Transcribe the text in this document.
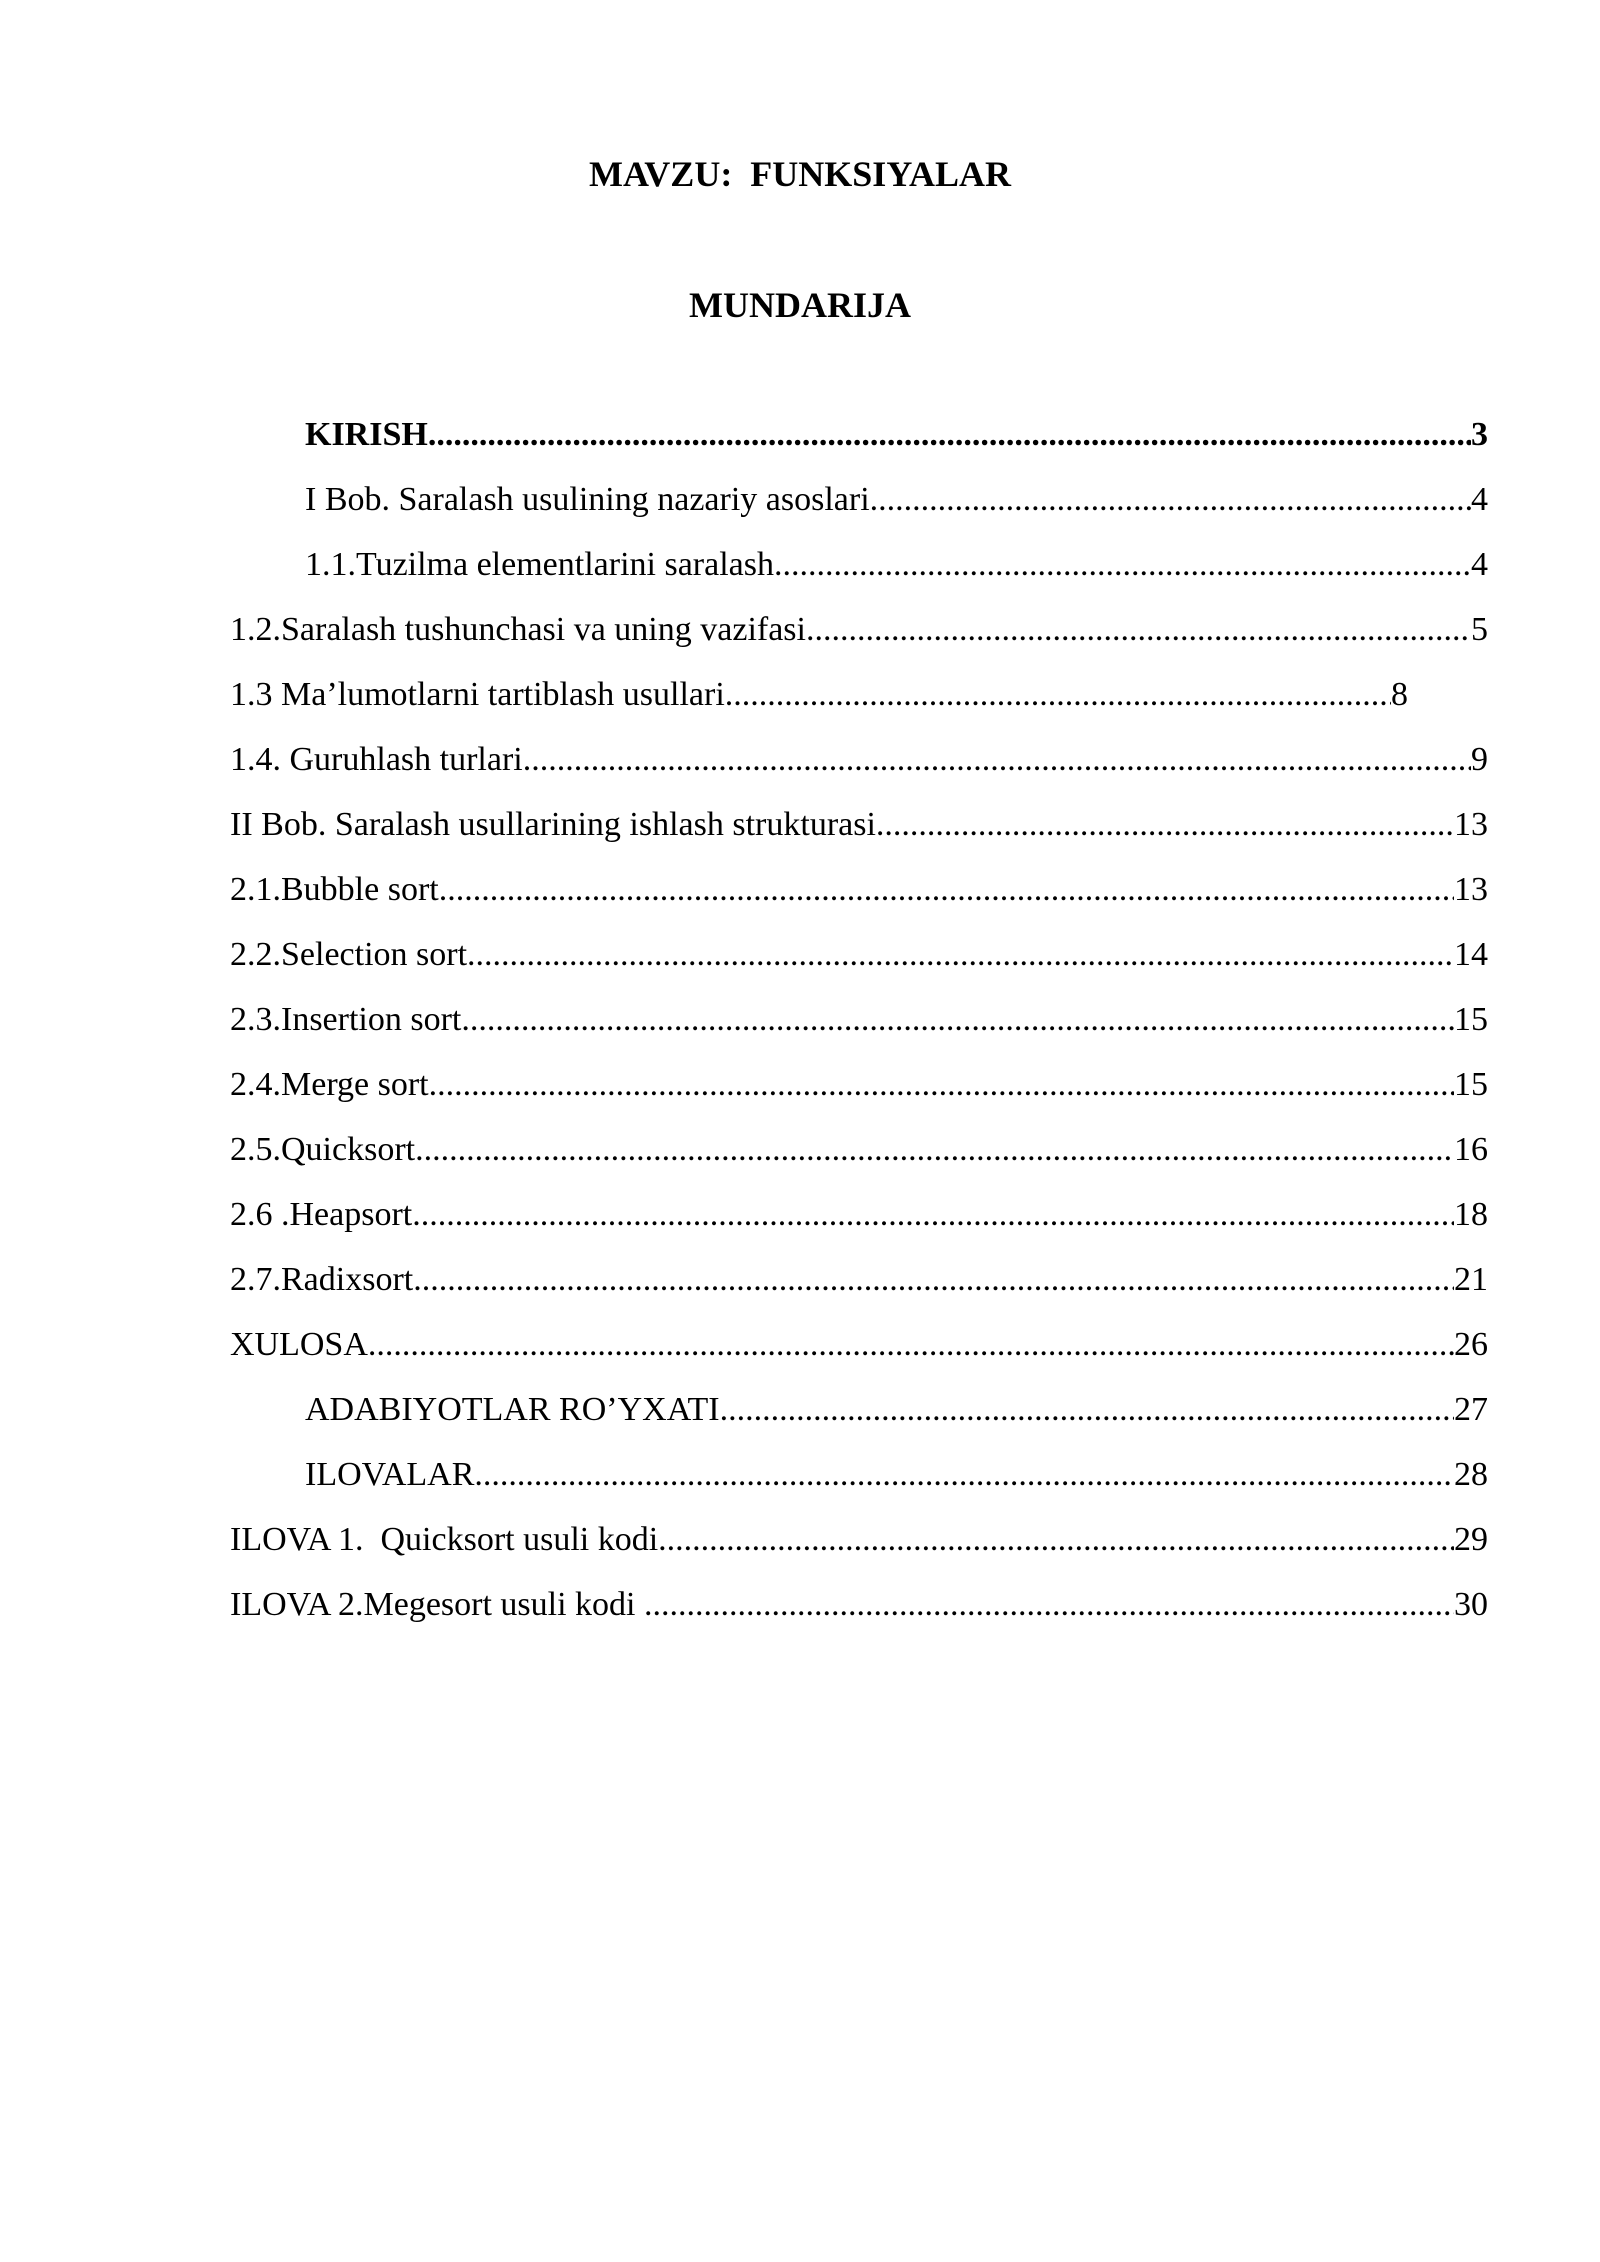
MAVZU:  FUNKSIYALAR
MUNDARIJA
KIRISH .....	3
I Bob. Saralash usulining nazariy asoslari .....	4
1.1.Tuzilma elementlarini saralash .....	4
1.2.Saralash tushunchasi va uning vazifasi .....	5
1.3 Ma’lumotlarni tartiblash usullari .....	8
1.4. Guruhlash turlari .....	9
II Bob. Saralash usullarining ishlash strukturasi .....	13
2.1.Bubble sort .....	13
2.2.Selection sort .....	14
2.3.Insertion sort .....	15
2.4.Merge sort .....	15
2.5.Quicksort .....	16
2.6 .Heapsort .....	18
2.7.Radixsort .....	21
XULOSA .....	26
ADABIYOTLAR RO’YXATI .....	27
ILOVALAR .....	28
ILOVA 1.  Quicksort usuli kodi .....	29
ILOVA 2.Megesort usuli kodi .....	30
